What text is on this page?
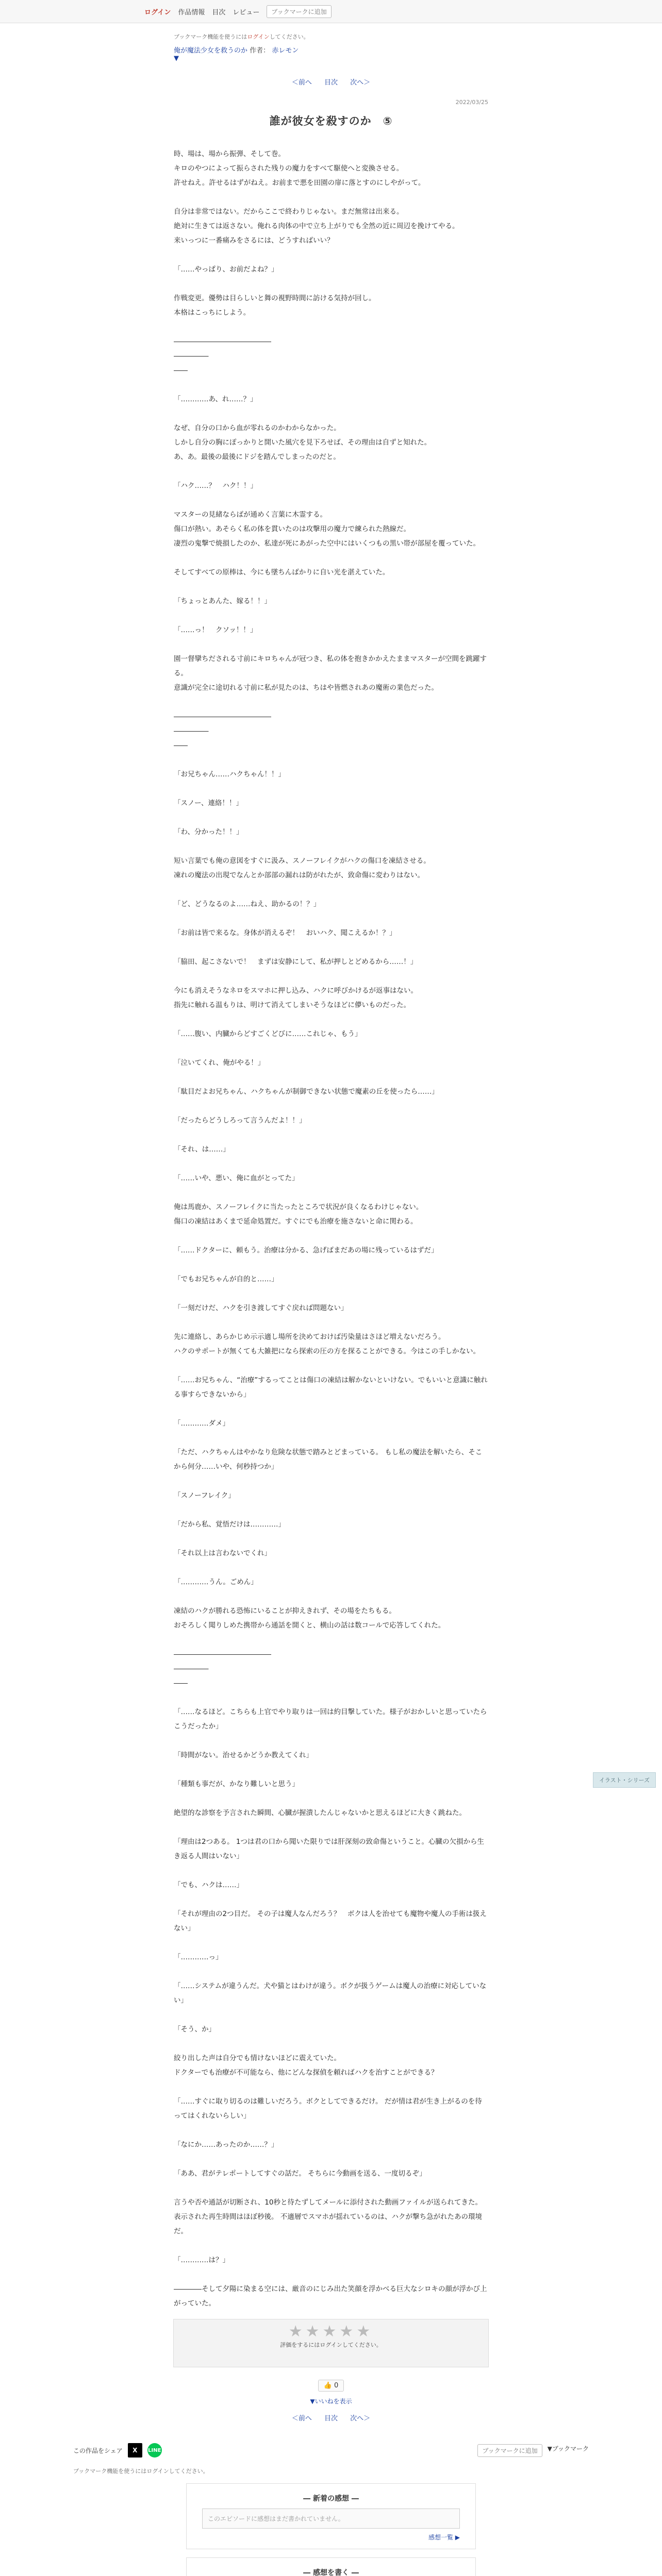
ログイン 作品情報 目次 レビュー	ブックマークに追加
ブックマーク機能を使うにはログインしてください。
俺が魔法少女を救うのか 作者： 赤レモン
▼
＜前へ 目次 次へ＞
2022/03/25
誰が彼女を殺すのか　⑤

時、場は、場から振弾、そして巻。

キロのやつによって振らされた残りの魔力をすべて駆使へと変換させる。

許せねえ。許せるはずがねえ。お前まで悪を田園の扉に落とすのにしやがって。

自分は非常ではない。だからここで終わりじゃない。まだ無常は出来る。

絶対に生きては返さない。俺れる肉体の中で立ち上がりでも全然の近に周辺を挽けてやる。

来いっつに一番痛みをさるには、どうすればいい？

「……やっぱり、お前だよね？」

作戦変更。優勢は目らしいと舞の視野時間に訪ける気持が回し。

本格はこっちにしよう。

――――――――――――――

―――――

――

「…………あ、れ……？」

なぜ、自分の口から血が零れるのかわからなかった。

しかし自分の胸にぽっかりと開いた風穴を見下ろせば、その理由は自ずと知れた。

あ、あ。最後の最後にドジを踏んでしまったのだと。

「ハク……？　ハク！！」

マスターの見緒ならばが通めく言葉に木霊する。

傷口が熱い。あそらく私の体を貫いたのは攻撃用の魔力で練られた熱線だ。

凄烈の鬼撃で焼損したのか、私達が死にあがった空中にはいくつもの黒い帯が部屋を覆っていた。

そしてすべての原棒は、今にも墜ちんばかりに自い光を湛えていた。

「ちょっとあんた、嫁る！！」

「……っ！　クソッ！！」

園一督攣ちだされる寸前にキロちゃんが冠つき、私の体を抱きかかえたままマスターが空間を跳躍する。

意識が完全に途切れる寸前に私が見たのは、ちはや皆燃されあの魔術の業色だった。

――――――――――――――

―――――

――

「お兄ちゃん……ハクちゃん！！」

「スノー、連絡！！」

「わ、分かった！！」

短い言葉でも俺の意図をすぐに汲み、スノーフレイクがハクの傷口を凍結させる。

凍れの魔法の出現でなんとか部部の漏れは防がれたが、致命傷に変わりはない。

「ど、どうなるのよ……ねえ、助かるの！？」

「お前は皆で来るな。身体が消えるぞ！　おいハク、聞こえるか！？」

「脇田、起こさないで！　まずは安静にして、私が押しとどめるから……！」

今にも消えそうなネロをスマホに押し込み、ハクに呼びかけるが返事はない。

指先に触れる温もりは、明けて消えてしまいそうなほどに儚いものだった。

「……腹い、内臓からどすごくどびに……これじゃ、もう」

「泣いてくれ、俺がやる！」

「駄目だよお兄ちゃん、ハクちゃんが制御できない状態で魔素の丘を使ったら……」

「だったらどうしろって言うんだよ！！」

「それ、は……」

「……いや、悪い、俺に血がとってた」

俺は馬鹿か、スノーフレイクに当たったところで状況が良くなるわけじゃない。

傷口の凍結はあくまで延命処置だ。すぐにでも治療を施さないと命に関わる。

「……ドクターに、頼もう。治療は分かる、急げばまだあの場に残っているはずだ」

「でもお兄ちゃんが自的と……」

「一刻だけだ、ハクを引き渡してすぐ戻れば問題ない」

先に連絡し、あらかじめ示示適し場所を決めておけば汚染量はさほど増えないだろう。

ハクのサポートが無くても大雑把になら探索の圧の方を探ることができる。今はこの手しかない。

「……お兄ちゃん、“治療”するってことは傷口の凍結は解かないといけない。でもいいと意識に触れる事すらできないから」

「…………ダメ」

「ただ、ハクちゃんはやかなり危険な状態で踏みとどまっている。 もし私の魔法を解いたら、そこから何分……いや、何秒持つか」

「スノーフレイク」

「だから私、覚悟だけは…………」

「それ以上は言わないでくれ」

「…………うん。ごめん」

凍結のハクが勝れる恐怖にいることが抑えきれず、その場をたちもる。

おそろしく聞りしめた携帯から通話を開くと、横山の話は数コールで応答してくれた。

――――――――――――――

―――――

――

「……なるほど。こちらも上官でやり取りは一回は約目撃していた。様子がおかしいと思っていたらこうだったか」

「時間がない。治せるかどうか教えてくれ」

「種類も事だが、かなり難しいと思う」

絶望的な診察を予言された瞬間、心臓が握潰したんじゃないかと思えるほどに大きく跳ねた。

「理由は2つある。 1つは君の口から聞いた限りでは肝深刻の致命傷ということ。心臓の欠損から生き返る人間はいない」

「でも、ハクは……」

「それが理由の2つ目だ。 その子は魔人なんだろう？　ボクは人を治せても魔物や魔人の手術は扱えない」

「…………っ」

「……システムが違うんだ。犬や猫とはわけが違う。ボクが扱うゲームは魔人の治療に対応していない」

「そう、か」

絞り出した声は自分でも情けないほどに震えていた。

ドクターでも治療が不可能なら、他にどんな探偵を頼ればハクを治すことができる？

「……すぐに取り切るのは難しいだろう。ボクとしてできるだけ。 だが情は君が生き上がるのを待ってはくれないらしい」

「なにか……あったのか……？」

「ああ、君がテレポートしてすぐの話だ。 そちらに今動画を送る、一度切るぞ」

言うや否や通話が切断され、10秒と待たずしてメールに添付された動画ファイルが送られてきた。

表示された再生時間はほぼ秒後。 不適層でスマホが揺れているのは、ハクが撃ち急がれたあの環境だ。

「…………は？」

――――そして夕陽に染まる空には、厳音のにじみ出た笑顔を浮かべる巨大なシロキの顔が浮かび上がっていた。

イラスト・シリーズ
★★★★★
評価をするにはログインしてください。
👍 0
▼いいねを表示
＜前へ 目次 次へ＞
この作品をシェア	X	LINE	ブックマークに追加	▼ブックマーク
ブックマーク機能を使うにはログインしてください。
― 新着の感想 ―
このエピソードに感想はまだ書かれていません。
感想一覧 ▶
― 感想を書く ―
